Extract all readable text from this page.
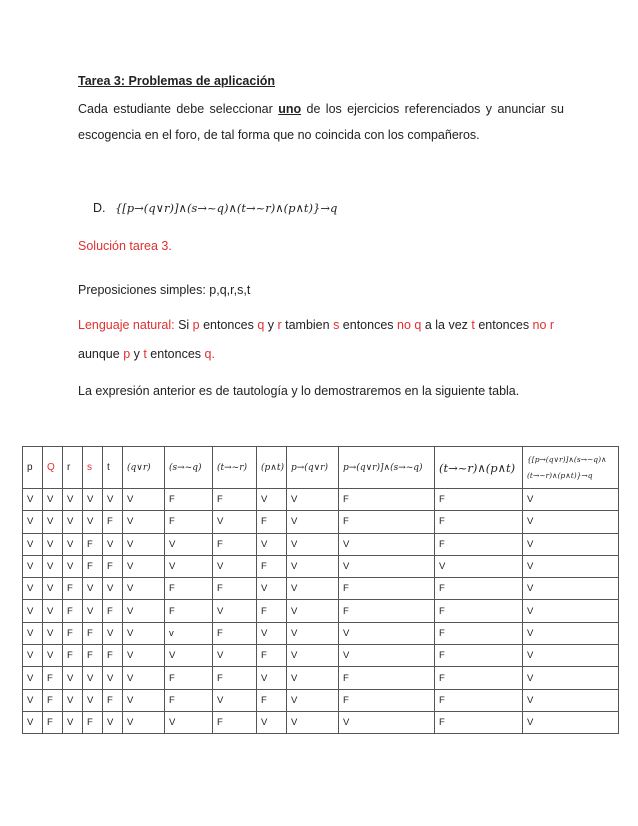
Tarea 3: Problemas de aplicación
Cada estudiante debe seleccionar uno de los ejercicios referenciados y anunciar su escogencia en el foro, de tal forma que no coincida con los compañeros.
D. {[p→(q∨r)]∧(s→~q)∧(t→~r)∧(p∧t)}→q
Solución tarea 3.
Preposiciones simples: p,q,r,s,t
Lenguaje natural: Si p entonces q y r tambien s entonces no q a la vez t entonces no r
aunque p y t entonces q.
La expresión anterior es de tautología y lo demostraremos en la siguiente tabla.
p	Q	r	s	t	(q∨r)	(s→~q)	(t→~r)	(p∧t)	p→(q∨r)	p→(q∨r)]∧(s→~q)	(t→~r)∧(p∧t)	{[p→(q∨r)]∧(s→~q)∧ (t→~r)∧(p∧t)}→q
V	V	V	V	V	V	F	F	V	V	F	F	V
V	V	V	V	F	V	F	V	F	V	F	F	V
V	V	V	F	V	V	V	F	V	V	V	F	V
V	V	V	F	F	V	V	V	F	V	V	V	V
V	V	F	V	V	V	F	F	V	V	F	F	V
V	V	F	V	F	V	F	V	F	V	F	F	V
V	V	F	F	V	V	v	F	V	V	V	F	V
V	V	F	F	F	V	V	V	F	V	V	F	V
V	F	V	V	V	V	F	F	V	V	F	F	V
V	F	V	V	F	V	F	V	F	V	F	F	V
V	F	V	F	V	V	V	F	V	V	V	F	V
